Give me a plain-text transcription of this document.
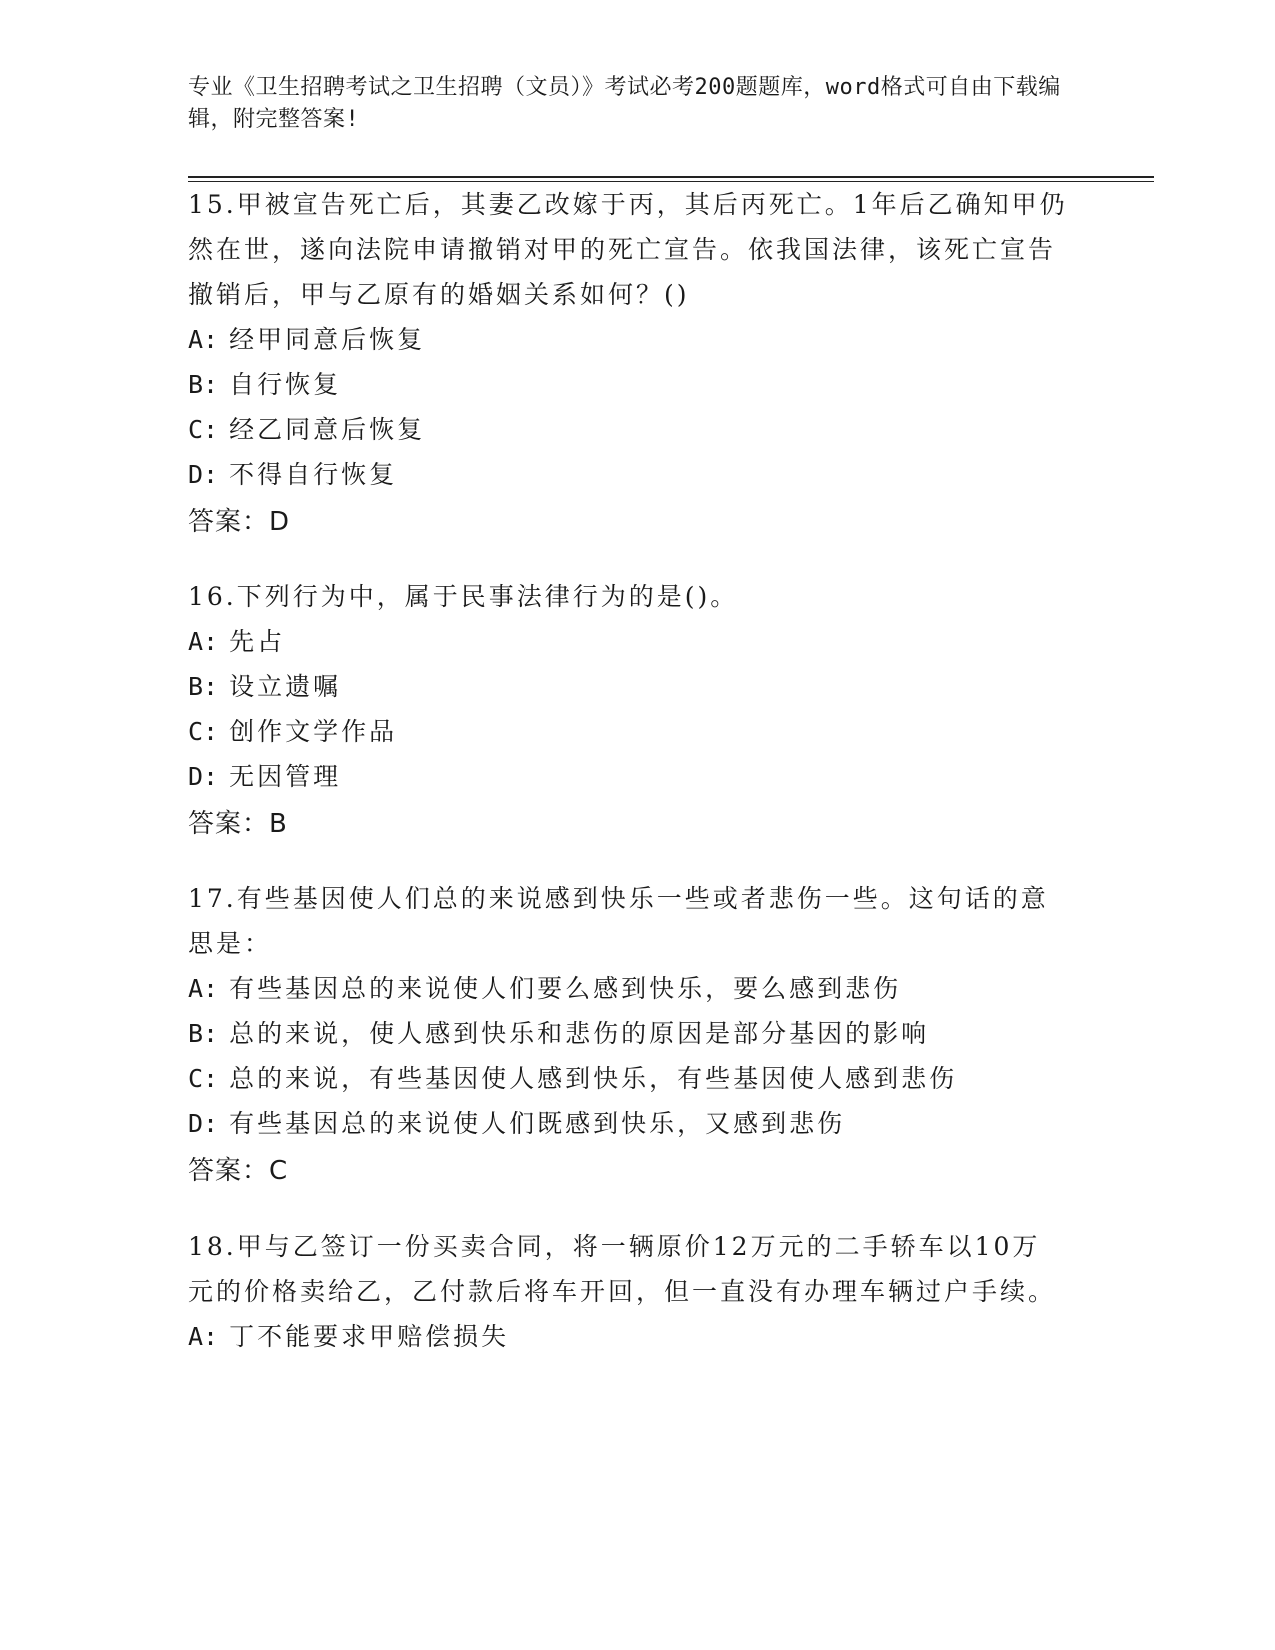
专业《卫生招聘考试之卫生招聘（文员）》考试必考200题题库，word格式可自由下载编辑，附完整答案!
15.甲被宣告死亡后，其妻乙改嫁于丙，其后丙死亡。1年后乙确知甲仍然在世，遂向法院申请撤销对甲的死亡宣告。依我国法律，该死亡宣告撤销后，甲与乙原有的婚姻关系如何？()
A: 经甲同意后恢复
B: 自行恢复
C: 经乙同意后恢复
D: 不得自行恢复
答案：D
16.下列行为中，属于民事法律行为的是()。
A: 先占
B: 设立遗嘱
C: 创作文学作品
D: 无因管理
答案：B
17.有些基因使人们总的来说感到快乐一些或者悲伤一些。这句话的意思是：
A: 有些基因总的来说使人们要么感到快乐，要么感到悲伤
B: 总的来说，使人感到快乐和悲伤的原因是部分基因的影响
C: 总的来说，有些基因使人感到快乐，有些基因使人感到悲伤
D: 有些基因总的来说使人们既感到快乐，又感到悲伤
答案：C
18.甲与乙签订一份买卖合同，将一辆原价12万元的二手轿车以10万元的价格卖给乙，乙付款后将车开回，但一直没有办理车辆过户手续。
A: 丁不能要求甲赔偿损失
